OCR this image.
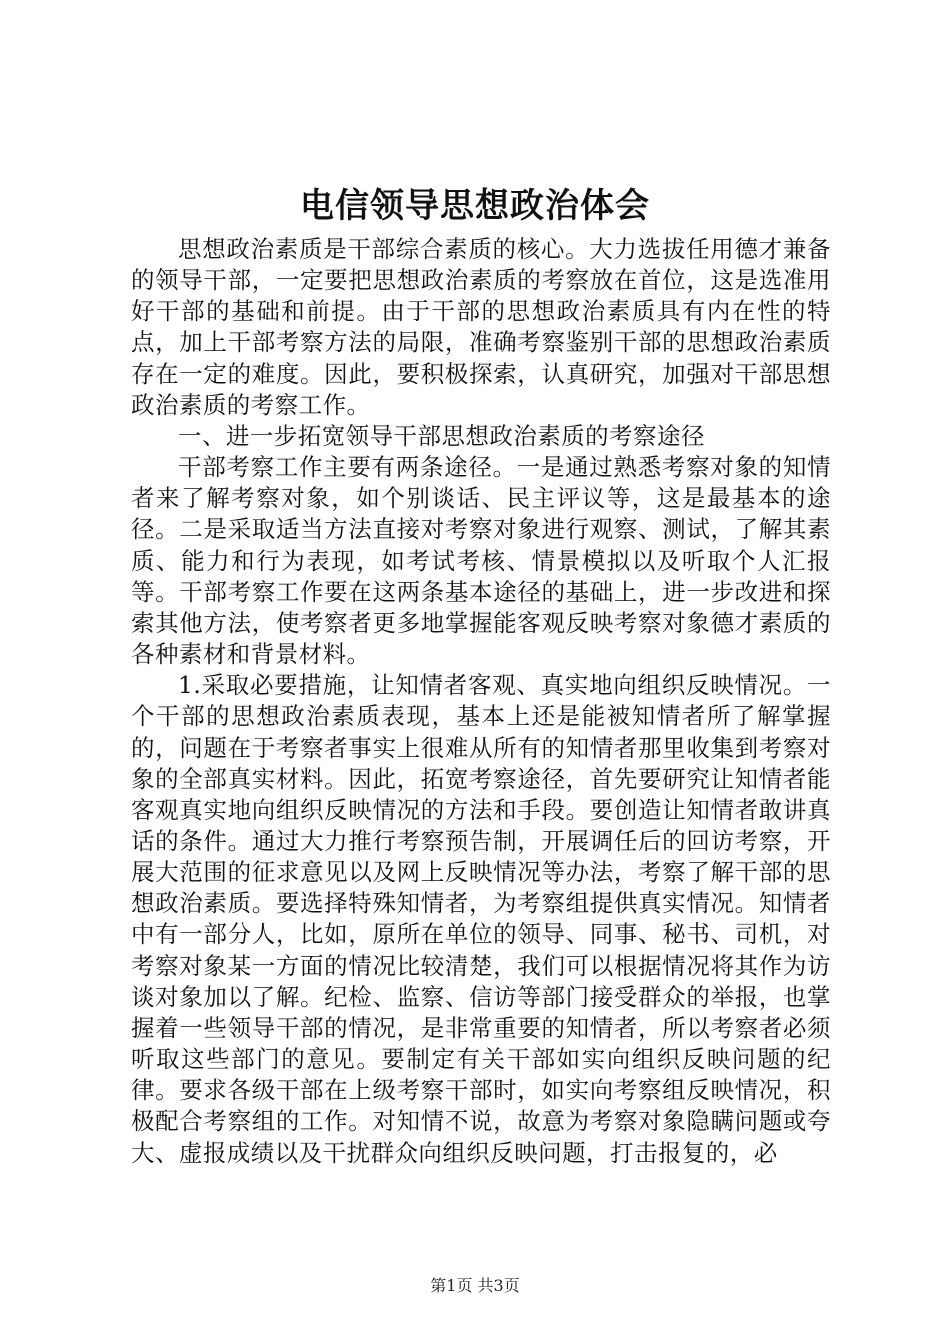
电信领导思想政治体会

思想政治素质是干部综合素质的核心。大力选拔任用德才兼备的领导干部，一定要把思想政治素质的考察放在首位，这是选准用好干部的基础和前提。由于干部的思想政治素质具有内在性的特点，加上干部考察方法的局限，准确考察鉴别干部的思想政治素质存在一定的难度。因此，要积极探索，认真研究，加强对干部思想政治素质的考察工作。

一、进一步拓宽领导干部思想政治素质的考察途径

干部考察工作主要有两条途径。一是通过熟悉考察对象的知情者来了解考察对象，如个别谈话、民主评议等，这是最基本的途径。二是采取适当方法直接对考察对象进行观察、测试，了解其素质、能力和行为表现，如考试考核、情景模拟以及听取个人汇报等。干部考察工作要在这两条基本途径的基础上，进一步改进和探索其他方法，使考察者更多地掌握能客观反映考察对象德才素质的各种素材和背景材料。

1.采取必要措施，让知情者客观、真实地向组织反映情况。一个干部的思想政治素质表现，基本上还是能被知情者所了解掌握的，问题在于考察者事实上很难从所有的知情者那里收集到考察对象的全部真实材料。因此，拓宽考察途径，首先要研究让知情者能客观真实地向组织反映情况的方法和手段。要创造让知情者敢讲真话的条件。通过大力推行考察预告制，开展调任后的回访考察，开展大范围的征求意见以及网上反映情况等办法，考察了解干部的思想政治素质。要选择特殊知情者，为考察组提供真实情况。知情者中有一部分人，比如，原所在单位的领导、同事、秘书、司机，对考察对象某一方面的情况比较清楚，我们可以根据情况将其作为访谈对象加以了解。纪检、监察、信访等部门接受群众的举报，也掌握着一些领导干部的情况，是非常重要的知情者，所以考察者必须听取这些部门的意见。要制定有关干部如实向组织反映问题的纪律。要求各级干部在上级考察干部时，如实向考察组反映情况，积极配合考察组的工作。对知情不说，故意为考察对象隐瞒问题或夸大、虚报成绩以及干扰群众向组织反映问题，打击报复的，必

第1页 共3页
